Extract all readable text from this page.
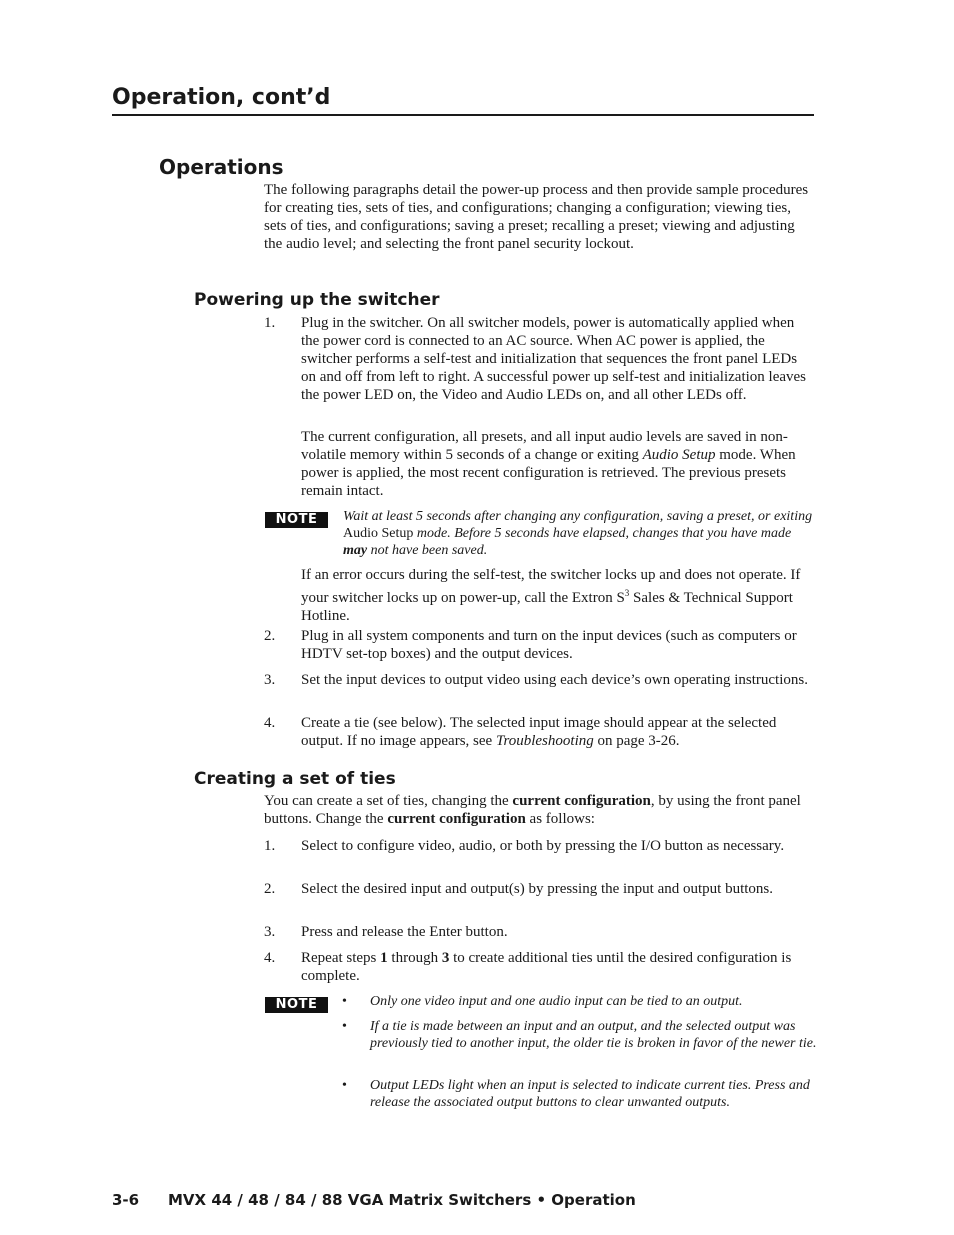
Operation, cont’d
Operations

The following paragraphs detail the power-up process and then provide sample procedures for creating ties, sets of ties, and configurations; changing a configuration; viewing ties, sets of ties, and configurations; saving a preset; recalling a preset; viewing and adjusting the audio level; and selecting the front panel security lockout.

Powering up the switcher
1. Plug in the switcher. On all switcher models, power is automatically applied when the power cord is connected to an AC source. When AC power is applied, the switcher performs a self-test and initialization that sequences the front panel LEDs on and off from left to right. A successful power up self-test and initialization leaves the power LED on, the Video and Audio LEDs on, and all other LEDs off.

The current configuration, all presets, and all input audio levels are saved in non-volatile memory within 5 seconds of a change or exiting Audio Setup mode. When power is applied, the most recent configuration is retrieved. The previous presets remain intact.

NOTE	Wait at least 5 seconds after changing any configuration, saving a preset, or exiting Audio Setup mode. Before 5 seconds have elapsed, changes that you have made may not have been saved.

If an error occurs during the self-test, the switcher locks up and does not operate. If your switcher locks up on power-up, call the Extron $S^3$ Sales & Technical Support Hotline.

2. Plug in all system components and turn on the input devices (such as computers or HDTV set-top boxes) and the output devices.

3. Set the input devices to output video using each device’s own operating instructions.

4. Create a tie (see below). The selected input image should appear at the selected output. If no image appears, see Troubleshooting on page 3-26.

Creating a set of ties

You can create a set of ties, changing the current configuration, by using the front panel buttons. Change the current configuration as follows:

1. Select to configure video, audio, or both by pressing the I/O button as necessary.

2. Select the desired input and output(s) by pressing the input and output buttons.

3. Press and release the Enter button.

4. Repeat steps 1 through 3 to create additional ties until the desired configuration is complete.

NOTE	• Only one video input and one audio input can be tied to an output.

• If a tie is made between an input and an output, and the selected output was previously tied to another input, the older tie is broken in favor of the newer tie.

• Output LEDs light when an input is selected to indicate current ties. Press and release the associated output buttons to clear unwanted outputs.

3-6 MVX 44 / 48 / 84 / 88 VGA Matrix Switchers • Operation
